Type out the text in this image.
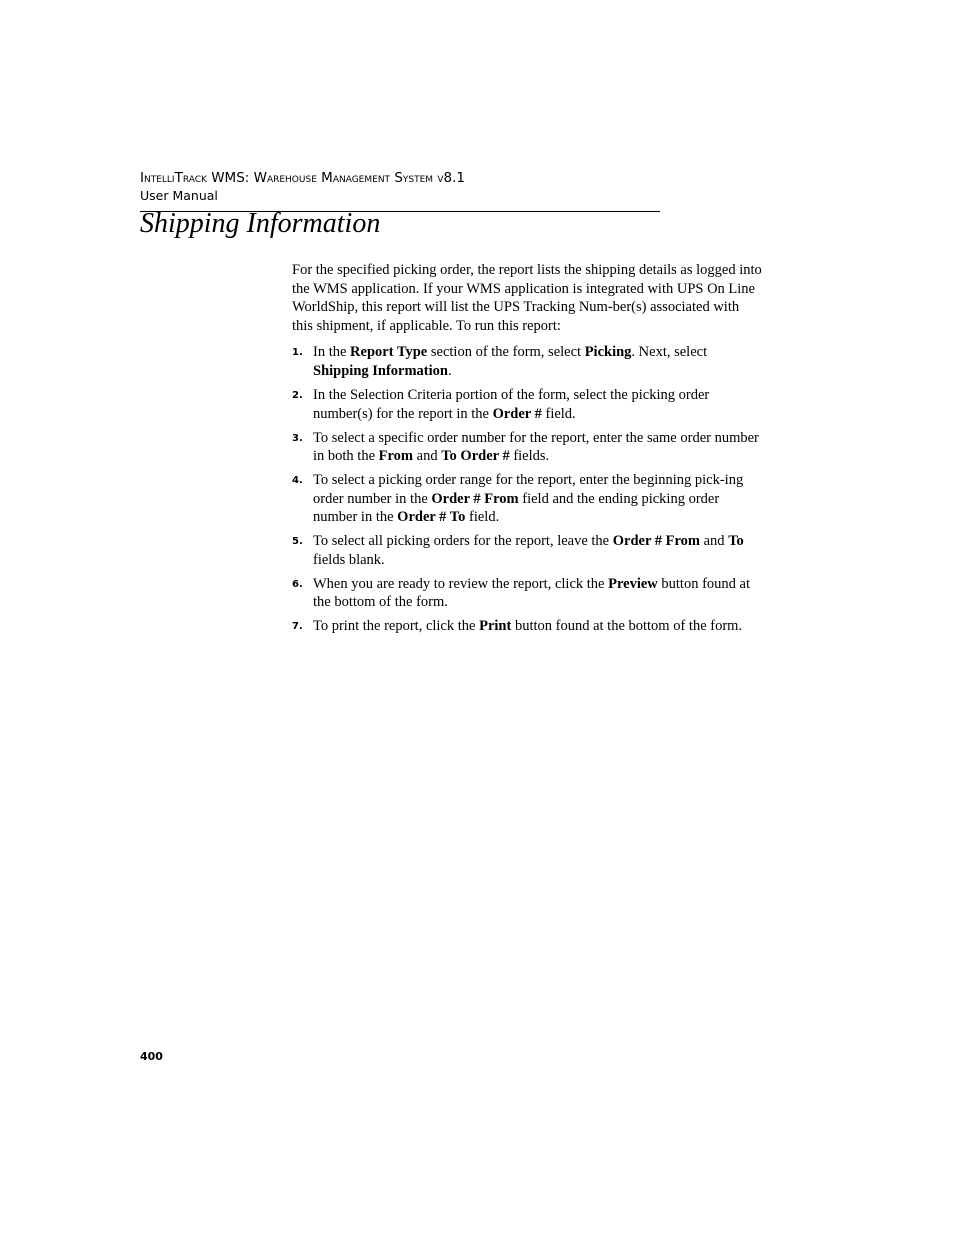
IntelliTrack WMS: Warehouse Management System v8.1
User Manual
Shipping Information

For the specified picking order, the report lists the shipping details as logged into the WMS application. If your WMS application is integrated with UPS On Line WorldShip, this report will list the UPS Tracking Num-ber(s) associated with this shipment, if applicable. To run this report:

1. In the Report Type section of the form, select Picking. Next, select Shipping Information.
2. In the Selection Criteria portion of the form, select the picking order number(s) for the report in the Order # field.
3. To select a specific order number for the report, enter the same order number in both the From and To Order # fields.
4. To select a picking order range for the report, enter the beginning pick-ing order number in the Order # From field and the ending picking order number in the Order # To field.
5. To select all picking orders for the report, leave the Order # From and To fields blank.
6. When you are ready to review the report, click the Preview button found at the bottom of the form.
7. To print the report, click the Print button found at the bottom of the form.
400
